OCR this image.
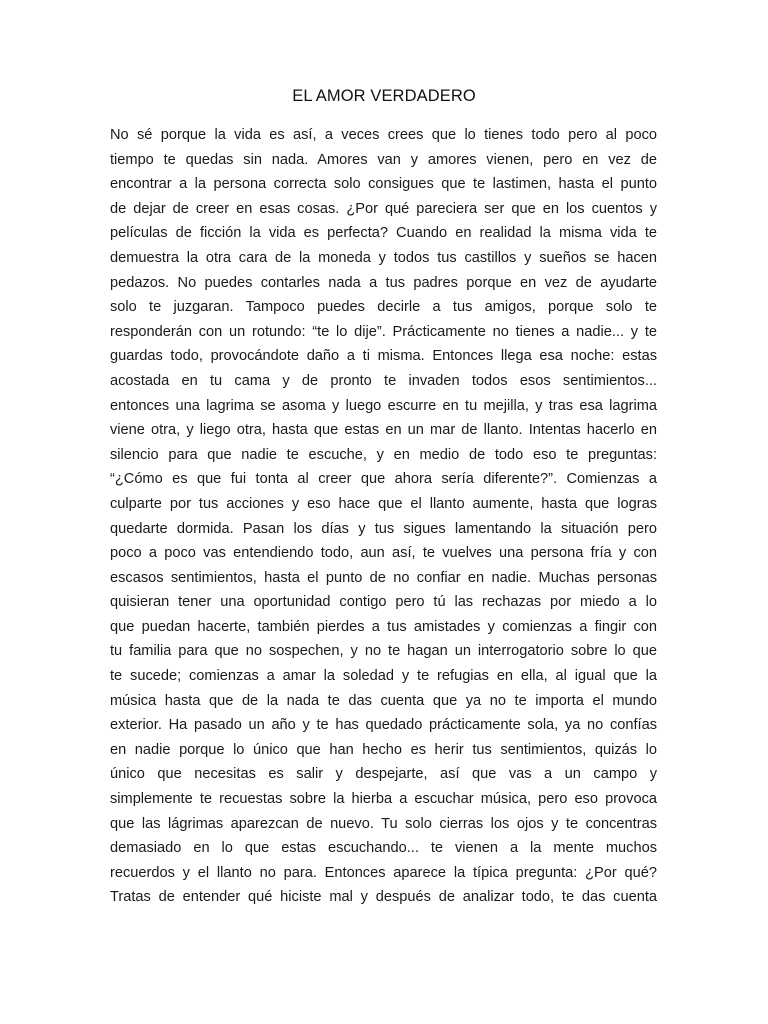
EL AMOR VERDADERO
No sé porque la vida es así, a veces crees que lo tienes todo pero al poco
tiempo te quedas sin nada. Amores van y amores vienen, pero en vez de
encontrar a la persona correcta solo consigues que te lastimen, hasta el punto
de dejar de creer en esas cosas. ¿Por qué pareciera ser que en los cuentos y
películas de ficción la vida es perfecta? Cuando en realidad la misma vida te
demuestra la otra cara de la moneda y todos tus castillos y sueños se hacen
pedazos. No puedes contarles nada a tus padres porque en vez de ayudarte
solo te juzgaran. Tampoco puedes decirle a tus amigos, porque solo te
responderán con un rotundo: “te lo dije”. Prácticamente no tienes a nadie... y te
guardas todo, provocándote daño a ti misma. Entonces llega esa noche: estas
acostada en tu cama y de pronto te invaden todos esos sentimientos...
entonces una lagrima se asoma y luego escurre en tu mejilla, y tras esa lagrima
viene otra, y liego otra, hasta que estas en un mar de llanto. Intentas hacerlo en
silencio para que nadie te escuche, y en medio de todo eso te preguntas:
“¿Cómo es que fui tonta al creer que ahora sería diferente?”. Comienzas a
culparte por tus acciones y eso hace que el llanto aumente, hasta que logras
quedarte dormida. Pasan los días y tus sigues lamentando la situación pero
poco a poco vas entendiendo todo, aun así, te vuelves una persona fría y con
escasos sentimientos, hasta el punto de no confiar en nadie. Muchas personas
quisieran tener una oportunidad contigo pero tú las rechazas por miedo a lo
que puedan hacerte, también pierdes a tus amistades y comienzas a fingir con
tu familia para que no sospechen, y no te hagan un interrogatorio sobre lo que
te sucede; comienzas a amar la soledad y te refugias en ella, al igual que la
música hasta que de la nada te das cuenta que ya no te importa el mundo
exterior. Ha pasado un año y te has quedado prácticamente sola, ya no confías
en nadie porque lo único que han hecho es herir tus sentimientos, quizás lo
único que necesitas es salir y despejarte, así que vas a un campo y
simplemente te recuestas sobre la hierba a escuchar música, pero eso provoca
que las lágrimas aparezcan de nuevo. Tu solo cierras los ojos y te concentras
demasiado en lo que estas escuchando... te vienen a la mente muchos
recuerdos y el llanto no para. Entonces aparece la típica pregunta: ¿Por qué?
Tratas de entender qué hiciste mal y después de analizar todo, te das cuenta
